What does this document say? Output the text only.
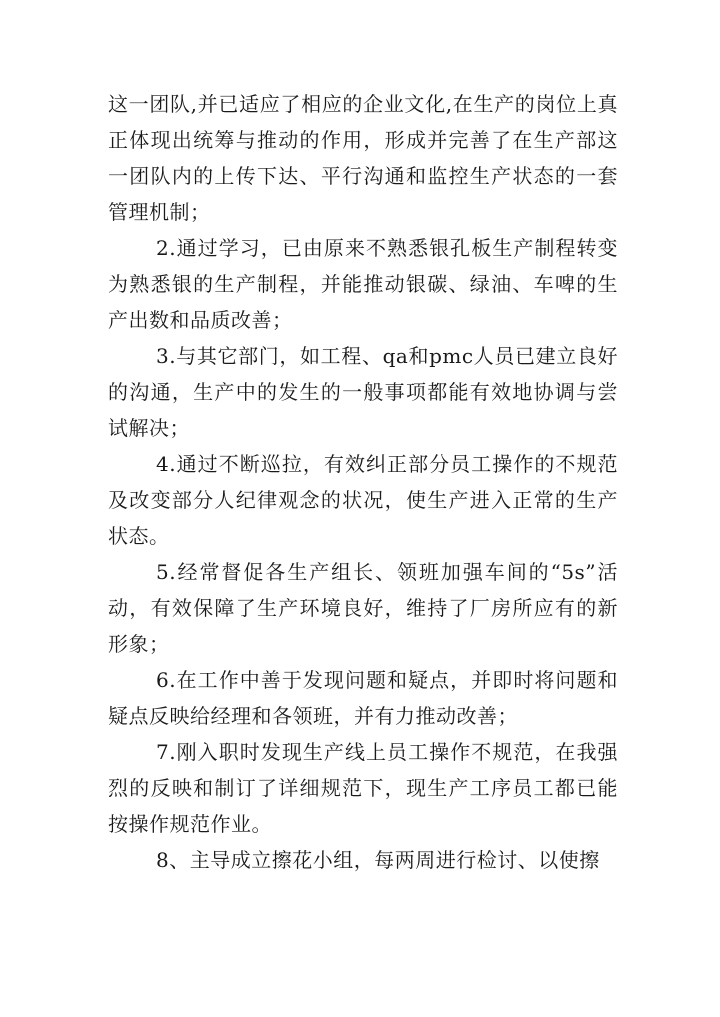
这一团队,并已适应了相应的企业文化,在生产的岗位上真正体现出统筹与推动的作用，形成并完善了在生产部这一团队内的上传下达、平行沟通和监控生产状态的一套管理机制；

2.通过学习，已由原来不熟悉银孔板生产制程转变为熟悉银的生产制程，并能推动银碳、绿油、车啤的生产出数和品质改善；

3.与其它部门，如工程、qa和pmc人员已建立良好的沟通，生产中的发生的一般事项都能有效地协调与尝试解决；

4.通过不断巡拉，有效纠正部分员工操作的不规范及改变部分人纪律观念的状况，使生产进入正常的生产状态。

5.经常督促各生产组长、领班加强车间的“5s”活动，有效保障了生产环境良好，维持了厂房所应有的新形象；

6.在工作中善于发现问题和疑点，并即时将问题和疑点反映给经理和各领班，并有力推动改善；

7.刚入职时发现生产线上员工操作不规范，在我强烈的反映和制订了详细规范下，现生产工序员工都已能按操作规范作业。

8、主导成立擦花小组，每两周进行检讨、以使擦
